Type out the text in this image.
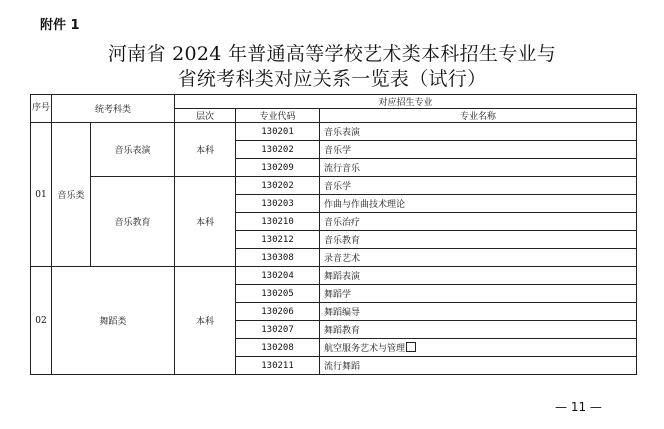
附件 1
河南省 2024 年普通高等学校艺术类本科招生专业与
省统考科类对应关系一览表（试行）
序号	统考科类		对应招生专业		
			层次	专业代码	专业名称
01	音乐类	音乐表演	本科	130201	音乐表演
				130202	音乐学
				130209	流行音乐
		音乐教育	本科	130202	音乐学
				130203	作曲与作曲技术理论
				130210	音乐治疗
				130212	音乐教育
				130308	录音艺术
02	舞蹈类		本科	130204	舞蹈表演
				130205	舞蹈学
				130206	舞蹈编导
				130207	舞蹈教育
				130208	航空服务艺术与管理
				130211	流行舞蹈
— 11 —
